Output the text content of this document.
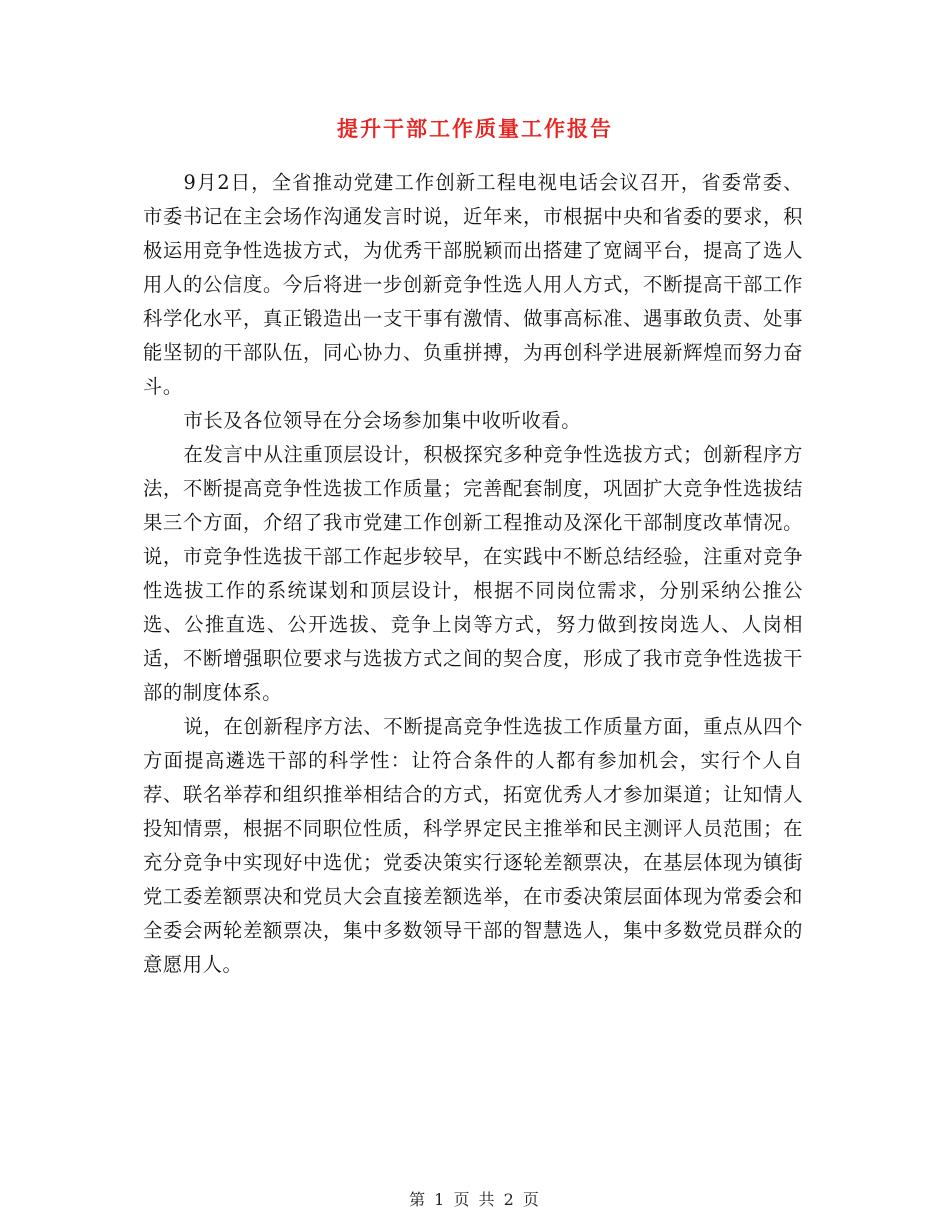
提升干部工作质量工作报告

9月2日，全省推动党建工作创新工程电视电话会议召开，省委常委、市委书记在主会场作沟通发言时说，近年来，市根据中央和省委的要求，积极运用竞争性选拔方式，为优秀干部脱颖而出搭建了宽阔平台，提高了选人用人的公信度。今后将进一步创新竞争性选人用人方式，不断提高干部工作科学化水平，真正锻造出一支干事有激情、做事高标准、遇事敢负责、处事能坚韧的干部队伍，同心协力、负重拼搏，为再创科学进展新辉煌而努力奋斗。

市长及各位领导在分会场参加集中收听收看。

在发言中从注重顶层设计，积极探究多种竞争性选拔方式；创新程序方法，不断提高竞争性选拔工作质量；完善配套制度，巩固扩大竞争性选拔结果三个方面，介绍了我市党建工作创新工程推动及深化干部制度改革情况。说，市竞争性选拔干部工作起步较早，在实践中不断总结经验，注重对竞争性选拔工作的系统谋划和顶层设计，根据不同岗位需求，分别采纳公推公选、公推直选、公开选拔、竞争上岗等方式，努力做到按岗选人、人岗相适，不断增强职位要求与选拔方式之间的契合度，形成了我市竞争性选拔干部的制度体系。

说，在创新程序方法、不断提高竞争性选拔工作质量方面，重点从四个方面提高遴选干部的科学性：让符合条件的人都有参加机会，实行个人自荐、联名举荐和组织推举相结合的方式，拓宽优秀人才参加渠道；让知情人投知情票，根据不同职位性质，科学界定民主推举和民主测评人员范围；在充分竞争中实现好中选优；党委决策实行逐轮差额票决，在基层体现为镇街党工委差额票决和党员大会直接差额选举，在市委决策层面体现为常委会和全委会两轮差额票决，集中多数领导干部的智慧选人，集中多数党员群众的意愿用人。

第 1 页 共 2 页
